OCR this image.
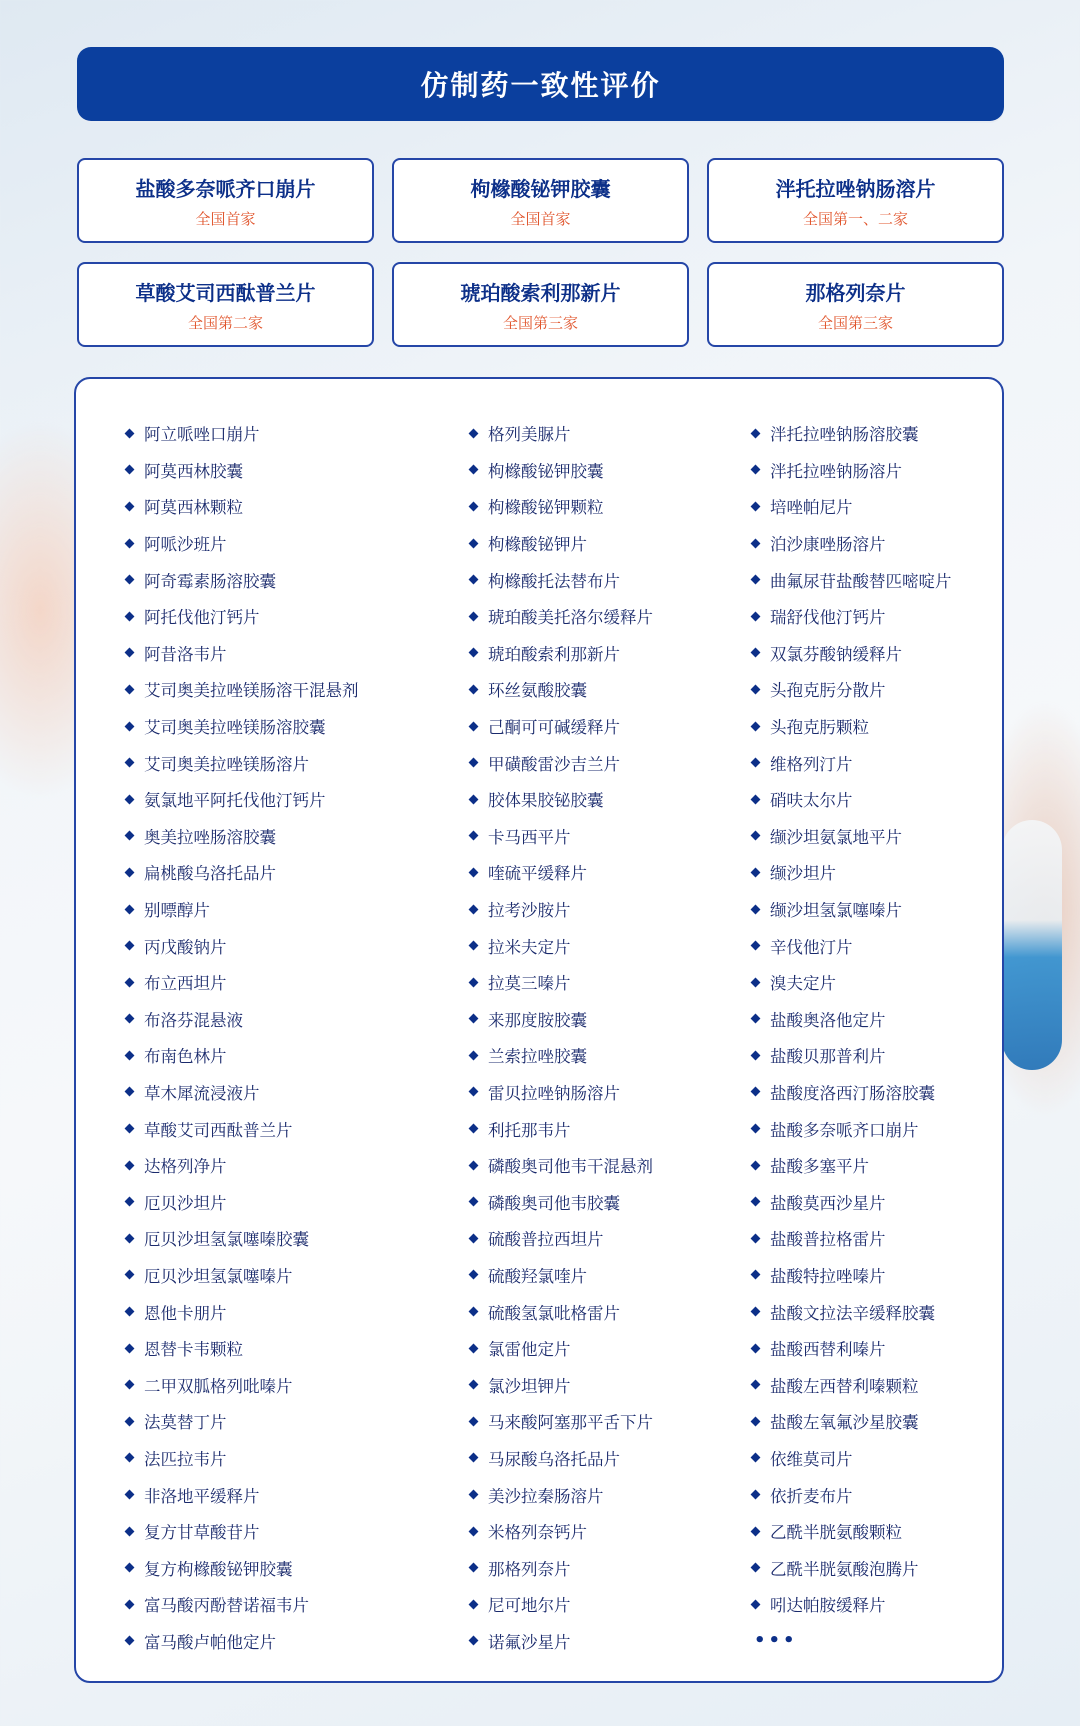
仿制药一致性评价
盐酸多奈哌齐口崩片
全国首家
枸橼酸铋钾胶囊
全国首家
泮托拉唑钠肠溶片
全国第一、二家
草酸艾司西酞普兰片
全国第二家
琥珀酸索利那新片
全国第三家
那格列奈片
全国第三家
阿立哌唑口崩片
阿莫西林胶囊
阿莫西林颗粒
阿哌沙班片
阿奇霉素肠溶胶囊
阿托伐他汀钙片
阿昔洛韦片
艾司奥美拉唑镁肠溶干混悬剂
艾司奥美拉唑镁肠溶胶囊
艾司奥美拉唑镁肠溶片
氨氯地平阿托伐他汀钙片
奥美拉唑肠溶胶囊
扁桃酸乌洛托品片
别嘌醇片
丙戊酸钠片
布立西坦片
布洛芬混悬液
布南色林片
草木犀流浸液片
草酸艾司西酞普兰片
达格列净片
厄贝沙坦片
厄贝沙坦氢氯噻嗪胶囊
厄贝沙坦氢氯噻嗪片
恩他卡朋片
恩替卡韦颗粒
二甲双胍格列吡嗪片
法莫替丁片
法匹拉韦片
非洛地平缓释片
复方甘草酸苷片
复方枸橼酸铋钾胶囊
富马酸丙酚替诺福韦片
富马酸卢帕他定片
格列美脲片
枸橼酸铋钾胶囊
枸橼酸铋钾颗粒
枸橼酸铋钾片
枸橼酸托法替布片
琥珀酸美托洛尔缓释片
琥珀酸索利那新片
环丝氨酸胶囊
己酮可可碱缓释片
甲磺酸雷沙吉兰片
胶体果胶铋胶囊
卡马西平片
喹硫平缓释片
拉考沙胺片
拉米夫定片
拉莫三嗪片
来那度胺胶囊
兰索拉唑胶囊
雷贝拉唑钠肠溶片
利托那韦片
磷酸奥司他韦干混悬剂
磷酸奥司他韦胶囊
硫酸普拉西坦片
硫酸羟氯喹片
硫酸氢氯吡格雷片
氯雷他定片
氯沙坦钾片
马来酸阿塞那平舌下片
马尿酸乌洛托品片
美沙拉秦肠溶片
米格列奈钙片
那格列奈片
尼可地尔片
诺氟沙星片
泮托拉唑钠肠溶胶囊
泮托拉唑钠肠溶片
培唑帕尼片
泊沙康唑肠溶片
曲氟尿苷盐酸替匹嘧啶片
瑞舒伐他汀钙片
双氯芬酸钠缓释片
头孢克肟分散片
头孢克肟颗粒
维格列汀片
硝呋太尔片
缬沙坦氨氯地平片
缬沙坦片
缬沙坦氢氯噻嗪片
辛伐他汀片
溴夫定片
盐酸奥洛他定片
盐酸贝那普利片
盐酸度洛西汀肠溶胶囊
盐酸多奈哌齐口崩片
盐酸多塞平片
盐酸莫西沙星片
盐酸普拉格雷片
盐酸特拉唑嗪片
盐酸文拉法辛缓释胶囊
盐酸西替利嗪片
盐酸左西替利嗪颗粒
盐酸左氧氟沙星胶囊
依维莫司片
依折麦布片
乙酰半胱氨酸颗粒
乙酰半胱氨酸泡腾片
吲达帕胺缓释片
•••
